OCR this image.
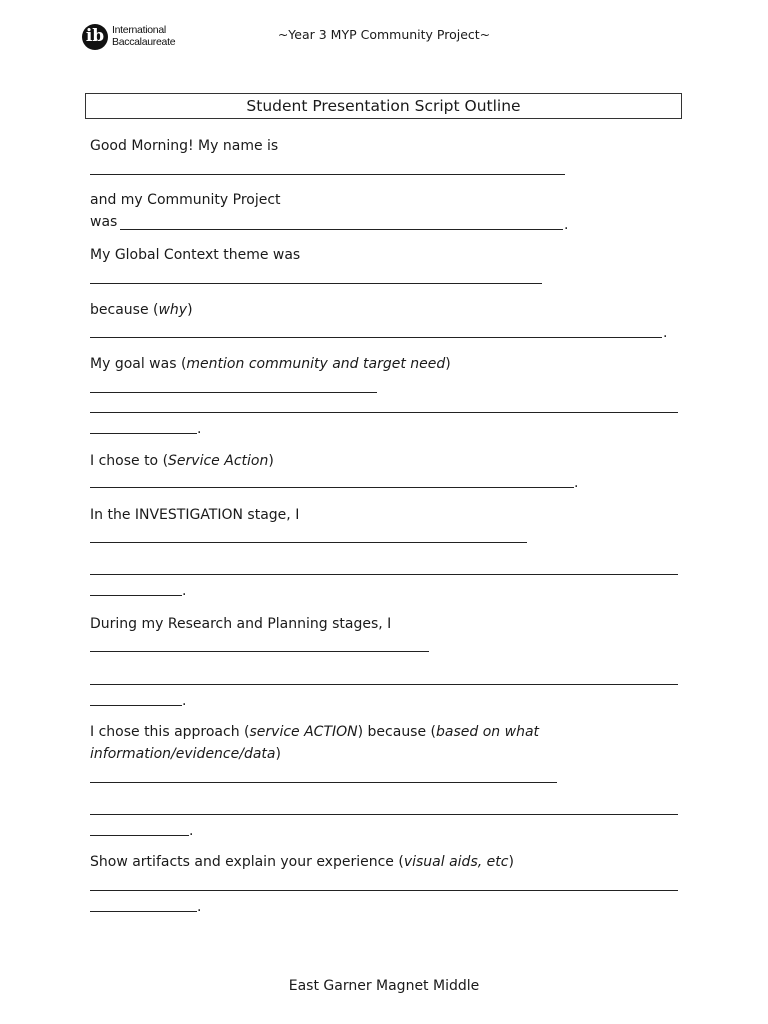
ib International
Baccalaureate	~Year 3 MYP Community Project~
Student Presentation Script Outline
Good Morning! My name is
and my Community Project
was	.
My Global Context theme was
because (why)
.
My goal was (mention community and target need)
.
I chose to (Service Action)
.
In the INVESTIGATION stage, I
.
During my Research and Planning stages, I
.
I chose this approach (service ACTION) because (based on what
information/evidence/data)
.
Show artifacts and explain your experience (visual aids, etc)
.
East Garner Magnet Middle
